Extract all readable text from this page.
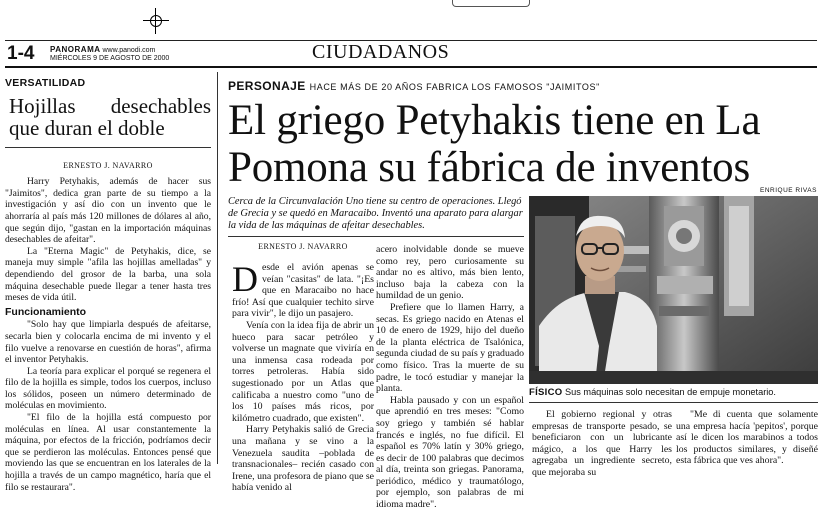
1-4 PANORAMA www.panodi.com
MIÉRCOLES 9 DE AGOSTO DE 2000	CIUDADANOS
VERSATILIDAD
Hojillas desechables que duran el doble
ERNESTO J. NAVARRO

Harry Petyhakis, además de hacer sus "Jaimitos", dedica gran parte de su tiempo a la investigación y así dio con un invento que le ahorraría al país más 120 millones de dólares al año, que según dijo, "gastan en la importación máquinas desechables de afeitar".

La "Eterna Magic" de Petyhakis, dice, se maneja muy simple "afila las hojillas amelladas" y dependiendo del grosor de la barba, una sola máquina desechable puede llegar a tener hasta tres meses de vida útil.

Funcionamiento

"Solo hay que limpiarla después de afeitarse, secarla bien y colocarla encima de mi invento y el filo vuelve a renovarse en cuestión de horas", afirma el inventor Petyhakis.

La teoría para explicar el porqué se regenera el filo de la hojilla es simple, todos los cuerpos, incluso los sólidos, poseen un número determinado de moléculas en movimiento.

"El filo de la hojilla está compuesto por moléculas en línea. Al usar constantemente la máquina, por efectos de la fricción, podríamos decir que se perdieron las moléculas. Entonces pensé que moviendo las que se encuentran en los laterales de la hojilla a través de un campo magnético, haría que el filo se restaurara".

PERSONAJE HACE MÁS DE 20 AÑOS FABRICA LOS FAMOSOS "JAIMITOS"
El griego Petyhakis tiene en La Pomona su fábrica de inventos	ENRIQUE RIVAS
Cerca de la Circunvalación Uno tiene su centro de operaciones. Llegó de Grecia y se quedó en Maracaibo. Inventó una aparato para alargar la vida de las máquinas de afeitar desechables.
ERNESTO J. NAVARRO

Desde el avión apenas se veían "casitas" de lata. "¡Es que en Maracaibo no hace frío! Así que cualquier techito sirve para vivir", le dijo un pasajero.

Venía con la idea fija de abrir un hueco para sacar petróleo y volverse un magnate que viviría en una inmensa casa rodeada por torres petroleras. Había sido sugestionado por un Atlas que calificaba a nuestro como "uno de los 10 países más ricos, por kilómetro cuadrado, que existen".

Harry Petyhakis salió de Grecia una mañana y se vino a la Venezuela saudita –poblada de transnacionales– recién casado con Irene, una profesora de piano que se había venido al

acero inolvidable donde se mueve como rey, pero curiosamente su andar no es altivo, más bien lento, incluso baja la cabeza con la humildad de un genio.

Prefiere que lo llamen Harry, a secas. Es griego nacido en Atenas el 10 de enero de 1929, hijo del dueño de la planta eléctrica de Tsalónica, segunda ciudad de su país y graduado como físico. Tras la muerte de su padre, le tocó estudiar y manejar la planta.

Habla pausado y con un español que aprendió en tres meses: "Como soy griego y también sé hablar francés e inglés, no fue difícil. El español es 70% latín y 30% griego, es decir de 100 palabras que decimos al día, treinta son griegas. Panorama, periódico, médico y traumatólogo, por ejemplo, son palabras de mi idioma madre".

FÍSICO Sus máquinas solo necesitan de empuje monetario.

El gobierno regional y otras empresas de transporte pesado, se beneficiaron con un lubricante mágico, a los que Harry les agregaba un ingrediente secreto, que mejoraba su

"Me di cuenta que solamente una empresa hacía 'pepitos', porque así le dicen los marabinos a todos los productos similares, y diseñé esta fábrica que ves ahora".
